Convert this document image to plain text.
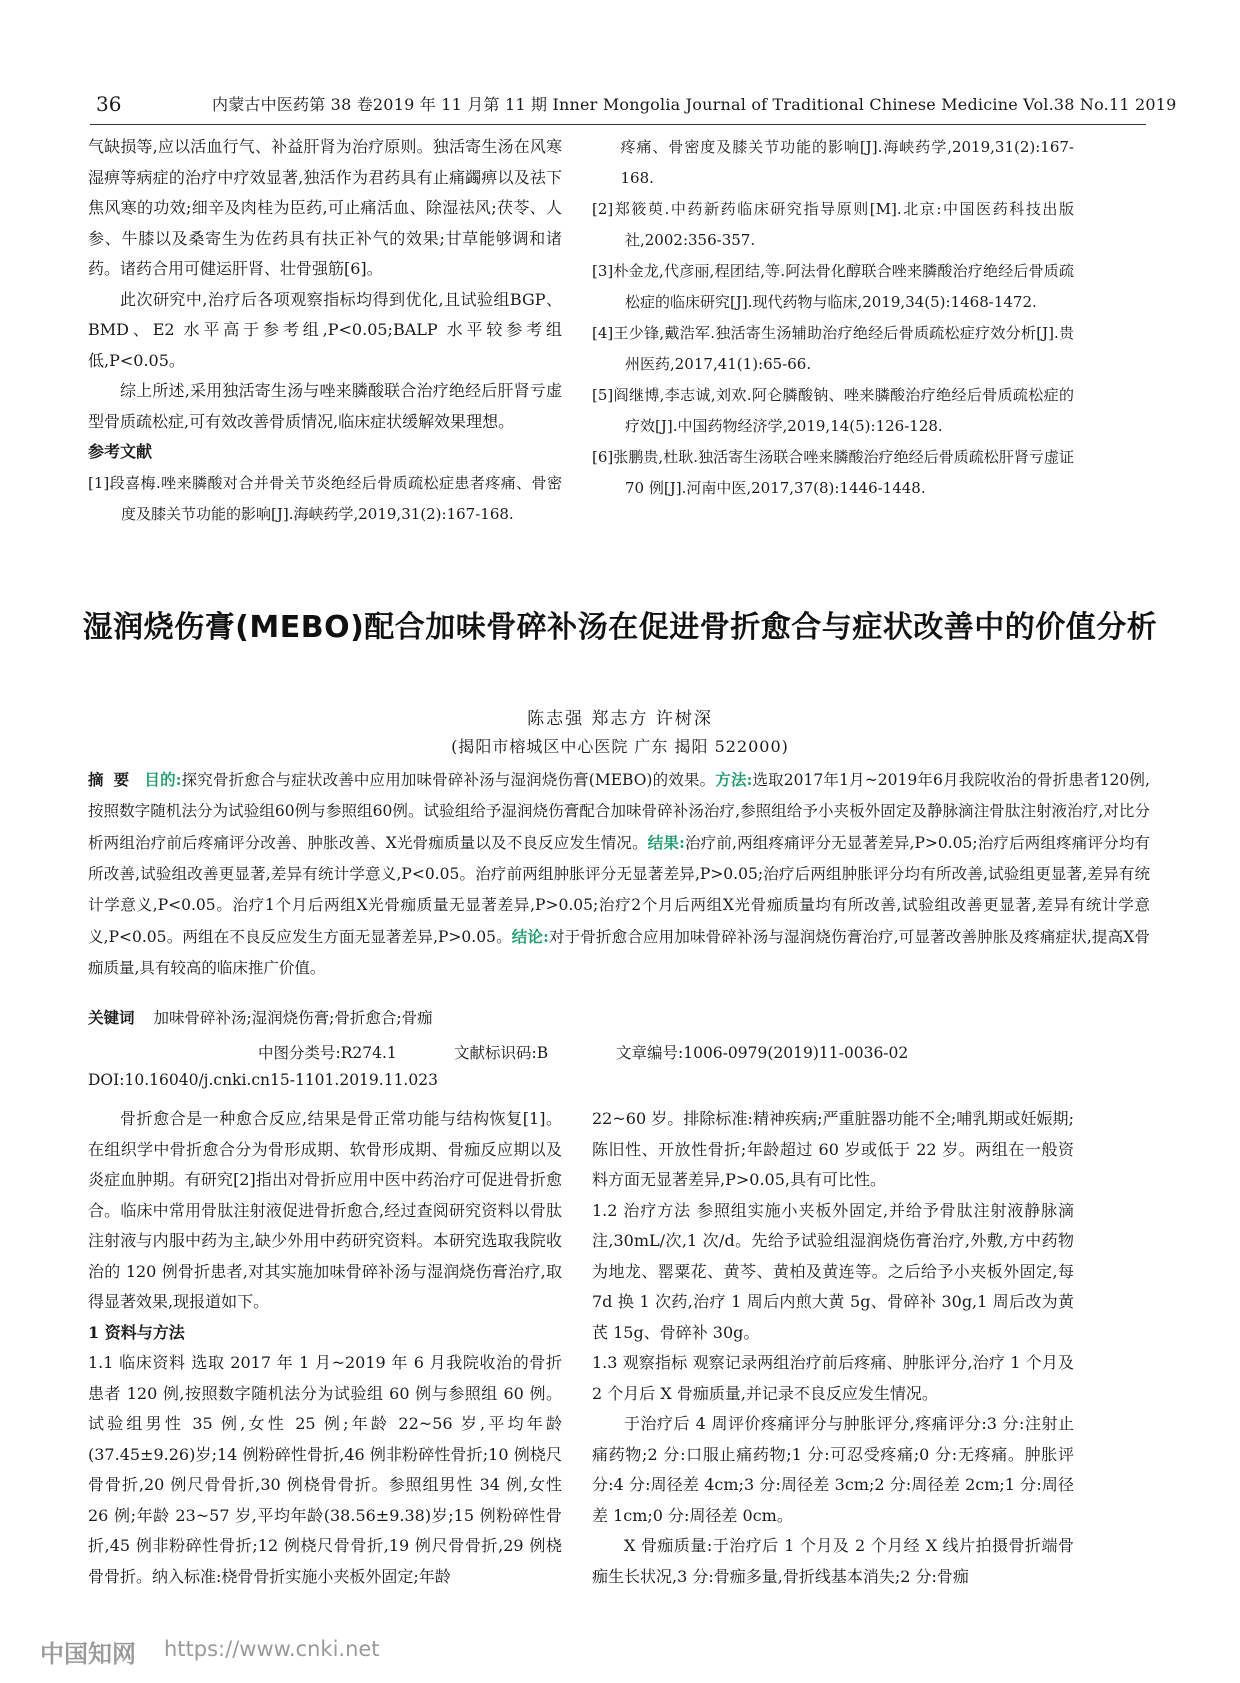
36	内蒙古中医药第 38 卷2019 年 11 月第 11 期 Inner Mongolia Journal of Traditional Chinese Medicine Vol.38 No.11 2019

气缺损等,应以活血行气、补益肝肾为治疗原则。独活寄生汤在风寒湿痹等病症的治疗中疗效显著,独活作为君药具有止痛蠲痹以及祛下焦风寒的功效;细辛及肉桂为臣药,可止痛活血、除湿祛风;茯苓、人参、牛膝以及桑寄生为佐药具有扶正补气的效果;甘草能够调和诸药。诸药合用可健运肝肾、壮骨强筋[6]。

此次研究中,治疗后各项观察指标均得到优化,且试验组BGP、BMD、E2 水平高于参考组,P<0.05;BALP 水平较参考组低,P<0.05。

综上所述,采用独活寄生汤与唑来膦酸联合治疗绝经后肝肾亏虚型骨质疏松症,可有效改善骨质情况,临床症状缓解效果理想。

参考文献

[1]段喜梅.唑来膦酸对合并骨关节炎绝经后骨质疏松症患者疼痛、骨密度及膝关节功能的影响[J].海峡药学,2019,31(2):167-168.

疼痛、骨密度及膝关节功能的影响[J].海峡药学,2019,31(2):167-168.

[2]郑筱萸.中药新药临床研究指导原则[M].北京:中国医药科技出版社,2002:356-357.

[3]朴金龙,代彦丽,程团结,等.阿法骨化醇联合唑来膦酸治疗绝经后骨质疏松症的临床研究[J].现代药物与临床,2019,34(5):1468-1472.

[4]王少锋,戴浩军.独活寄生汤辅助治疗绝经后骨质疏松症疗效分析[J].贵州医药,2017,41(1):65-66.

[5]阎继博,李志诚,刘欢.阿仑膦酸钠、唑来膦酸治疗绝经后骨质疏松症的疗效[J].中国药物经济学,2019,14(5):126-128.

[6]张鹏贵,杜耿.独活寄生汤联合唑来膦酸治疗绝经后骨质疏松肝肾亏虚证 70 例[J].河南中医,2017,37(8):1446-1448.

湿润烧伤膏(MEBO)配合加味骨碎补汤在促进骨折愈合与症状改善中的价值分析
陈志强 郑志方 许树深
(揭阳市榕城区中心医院 广东 揭阳 522000)
摘要 目的:探究骨折愈合与症状改善中应用加味骨碎补汤与湿润烧伤膏(MEBO)的效果。方法:选取2017年1月~2019年6月我院收治的骨折患者120例,按照数字随机法分为试验组60例与参照组60例。试验组给予湿润烧伤膏配合加味骨碎补汤治疗,参照组给予小夹板外固定及静脉滴注骨肽注射液治疗,对比分析两组治疗前后疼痛评分改善、肿胀改善、X光骨痂质量以及不良反应发生情况。结果:治疗前,两组疼痛评分无显著差异,P>0.05;治疗后两组疼痛评分均有所改善,试验组改善更显著,差异有统计学意义,P<0.05。治疗前两组肿胀评分无显著差异,P>0.05;治疗后两组肿胀评分均有所改善,试验组更显著,差异有统计学意义,P<0.05。治疗1个月后两组X光骨痂质量无显著差异,P>0.05;治疗2个月后两组X光骨痂质量均有所改善,试验组改善更显著,差异有统计学意义,P<0.05。两组在不良反应发生方面无显著差异,P>0.05。结论:对于骨折愈合应用加味骨碎补汤与湿润烧伤膏治疗,可显著改善肿胀及疼痛症状,提高X骨痂质量,具有较高的临床推广价值。
关键词 加味骨碎补汤;湿润烧伤膏;骨折愈合;骨痂
中图分类号:R274.1	文献标识码:B	文章编号:1006-0979(2019)11-0036-02
DOI:10.16040/j.cnki.cn15-1101.2019.11.023

骨折愈合是一种愈合反应,结果是骨正常功能与结构恢复[1]。在组织学中骨折愈合分为骨形成期、软骨形成期、骨痂反应期以及炎症血肿期。有研究[2]指出对骨折应用中医中药治疗可促进骨折愈合。临床中常用骨肽注射液促进骨折愈合,经过查阅研究资料以骨肽注射液与内服中药为主,缺少外用中药研究资料。本研究选取我院收治的 120 例骨折患者,对其实施加味骨碎补汤与湿润烧伤膏治疗,取得显著效果,现报道如下。

1 资料与方法

1.1 临床资料 选取 2017 年 1 月~2019 年 6 月我院收治的骨折患者 120 例,按照数字随机法分为试验组 60 例与参照组 60 例。试验组男性 35 例,女性 25 例;年龄 22~56 岁,平均年龄(37.45±9.26)岁;14 例粉碎性骨折,46 例非粉碎性骨折;10 例桡尺骨骨折,20 例尺骨骨折,30 例桡骨骨折。参照组男性 34 例,女性 26 例;年龄 23~57 岁,平均年龄(38.56±9.38)岁;15 例粉碎性骨折,45 例非粉碎性骨折;12 例桡尺骨骨折,19 例尺骨骨折,29 例桡骨骨折。纳入标准:桡骨骨折实施小夹板外固定;年龄

22~60 岁。排除标准:精神疾病;严重脏器功能不全;哺乳期或妊娠期;陈旧性、开放性骨折;年龄超过 60 岁或低于 22 岁。两组在一般资料方面无显著差异,P>0.05,具有可比性。

1.2 治疗方法 参照组实施小夹板外固定,并给予骨肽注射液静脉滴注,30mL/次,1 次/d。先给予试验组湿润烧伤膏治疗,外敷,方中药物为地龙、罂粟花、黄芩、黄柏及黄连等。之后给予小夹板外固定,每 7d 换 1 次药,治疗 1 周后内煎大黄 5g、骨碎补 30g,1 周后改为黄芪 15g、骨碎补 30g。

1.3 观察指标 观察记录两组治疗前后疼痛、肿胀评分,治疗 1 个月及 2 个月后 X 骨痂质量,并记录不良反应发生情况。

于治疗后 4 周评价疼痛评分与肿胀评分,疼痛评分:3 分:注射止痛药物;2 分:口服止痛药物;1 分:可忍受疼痛;0 分:无疼痛。肿胀评分:4 分:周径差 4cm;3 分:周径差 3cm;2 分:周径差 2cm;1 分:周径差 1cm;0 分:周径差 0cm。

X 骨痂质量:于治疗后 1 个月及 2 个月经 X 线片拍摄骨折端骨痂生长状况,3 分:骨痂多量,骨折线基本消失;2 分:骨痂

中国知网 https://www.cnki.net
